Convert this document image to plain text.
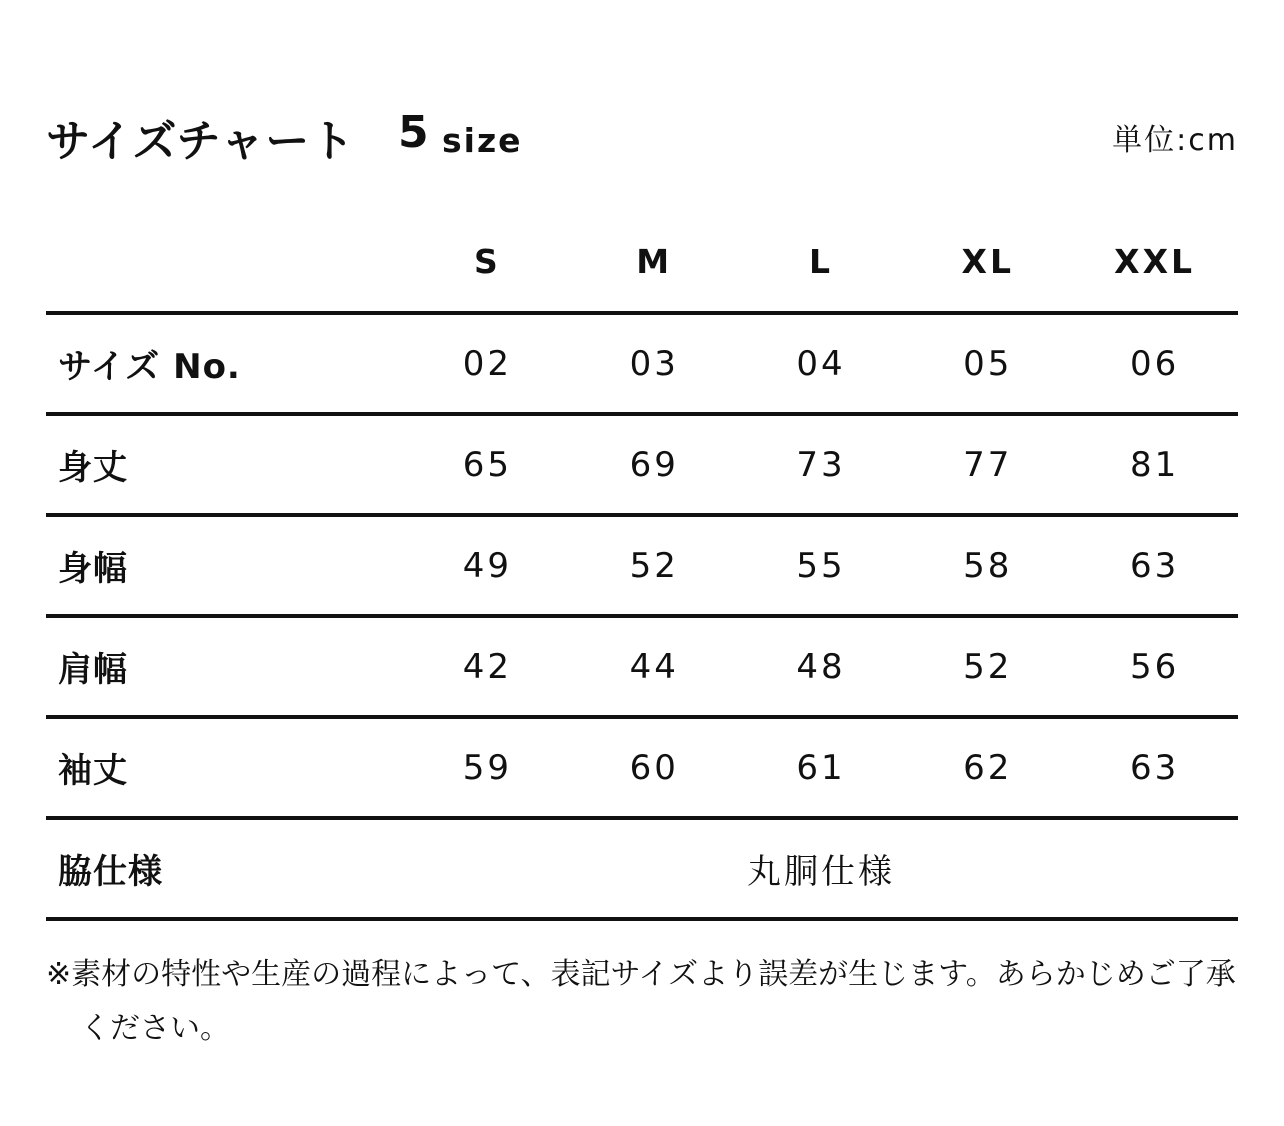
サイズチャート 5 size	単位:cm
	S	M	L	XL	XXL
サイズ No.	02	03	04	05	06
身丈	65	69	73	77	81
身幅	49	52	55	58	63
肩幅	42	44	48	52	56
袖丈	59	60	61	62	63
脇仕様	丸胴仕様				
※素材の特性や生産の過程によって、表記サイズより誤差が生じます。あらかじめご了承ください。
